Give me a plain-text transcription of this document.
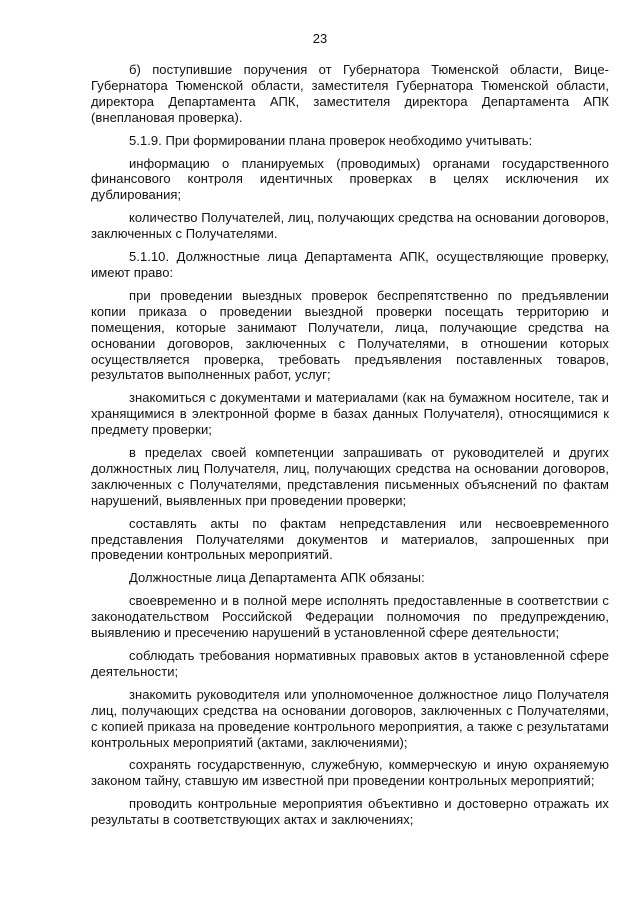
23

б) поступившие поручения от Губернатора Тюменской области, Вице-Губернатора Тюменской области, заместителя Губернатора Тюменской области, директора Департамента АПК, заместителя директора Департамента АПК (внеплановая проверка).

5.1.9. При формировании плана проверок необходимо учитывать:

информацию о планируемых (проводимых) органами государственного финансового контроля идентичных проверках в целях исключения их дублирования;

количество Получателей, лиц, получающих средства на основании договоров, заключенных с Получателями.

5.1.10. Должностные лица Департамента АПК, осуществляющие проверку, имеют право:

при проведении выездных проверок беспрепятственно по предъявлении копии приказа о проведении выездной проверки посещать территорию и помещения, которые занимают Получатели, лица, получающие средства на основании договоров, заключенных с Получателями, в отношении которых осуществляется проверка, требовать предъявления поставленных товаров, результатов выполненных работ, услуг;

знакомиться с документами и материалами (как на бумажном носителе, так и хранящимися в электронной форме в базах данных Получателя), относящимися к предмету проверки;

в пределах своей компетенции запрашивать от руководителей и других должностных лиц Получателя, лиц, получающих средства на основании договоров, заключенных с Получателями, представления письменных объяснений по фактам нарушений, выявленных при проведении проверки;

составлять акты по фактам непредставления или несвоевременного представления Получателями документов и материалов, запрошенных при проведении контрольных мероприятий.

Должностные лица Департамента АПК обязаны:

своевременно и в полной мере исполнять предоставленные в соответствии с законодательством Российской Федерации полномочия по предупреждению, выявлению и пресечению нарушений в установленной сфере деятельности;

соблюдать требования нормативных правовых актов в установленной сфере деятельности;

знакомить руководителя или уполномоченное должностное лицо Получателя лиц, получающих средства на основании договоров, заключенных с Получателями, с копией приказа на проведение контрольного мероприятия, а также с результатами контрольных мероприятий (актами, заключениями);

сохранять государственную, служебную, коммерческую и иную охраняемую законом тайну, ставшую им известной при проведении контрольных мероприятий;

проводить контрольные мероприятия объективно и достоверно отражать их результаты в соответствующих актах и заключениях;
